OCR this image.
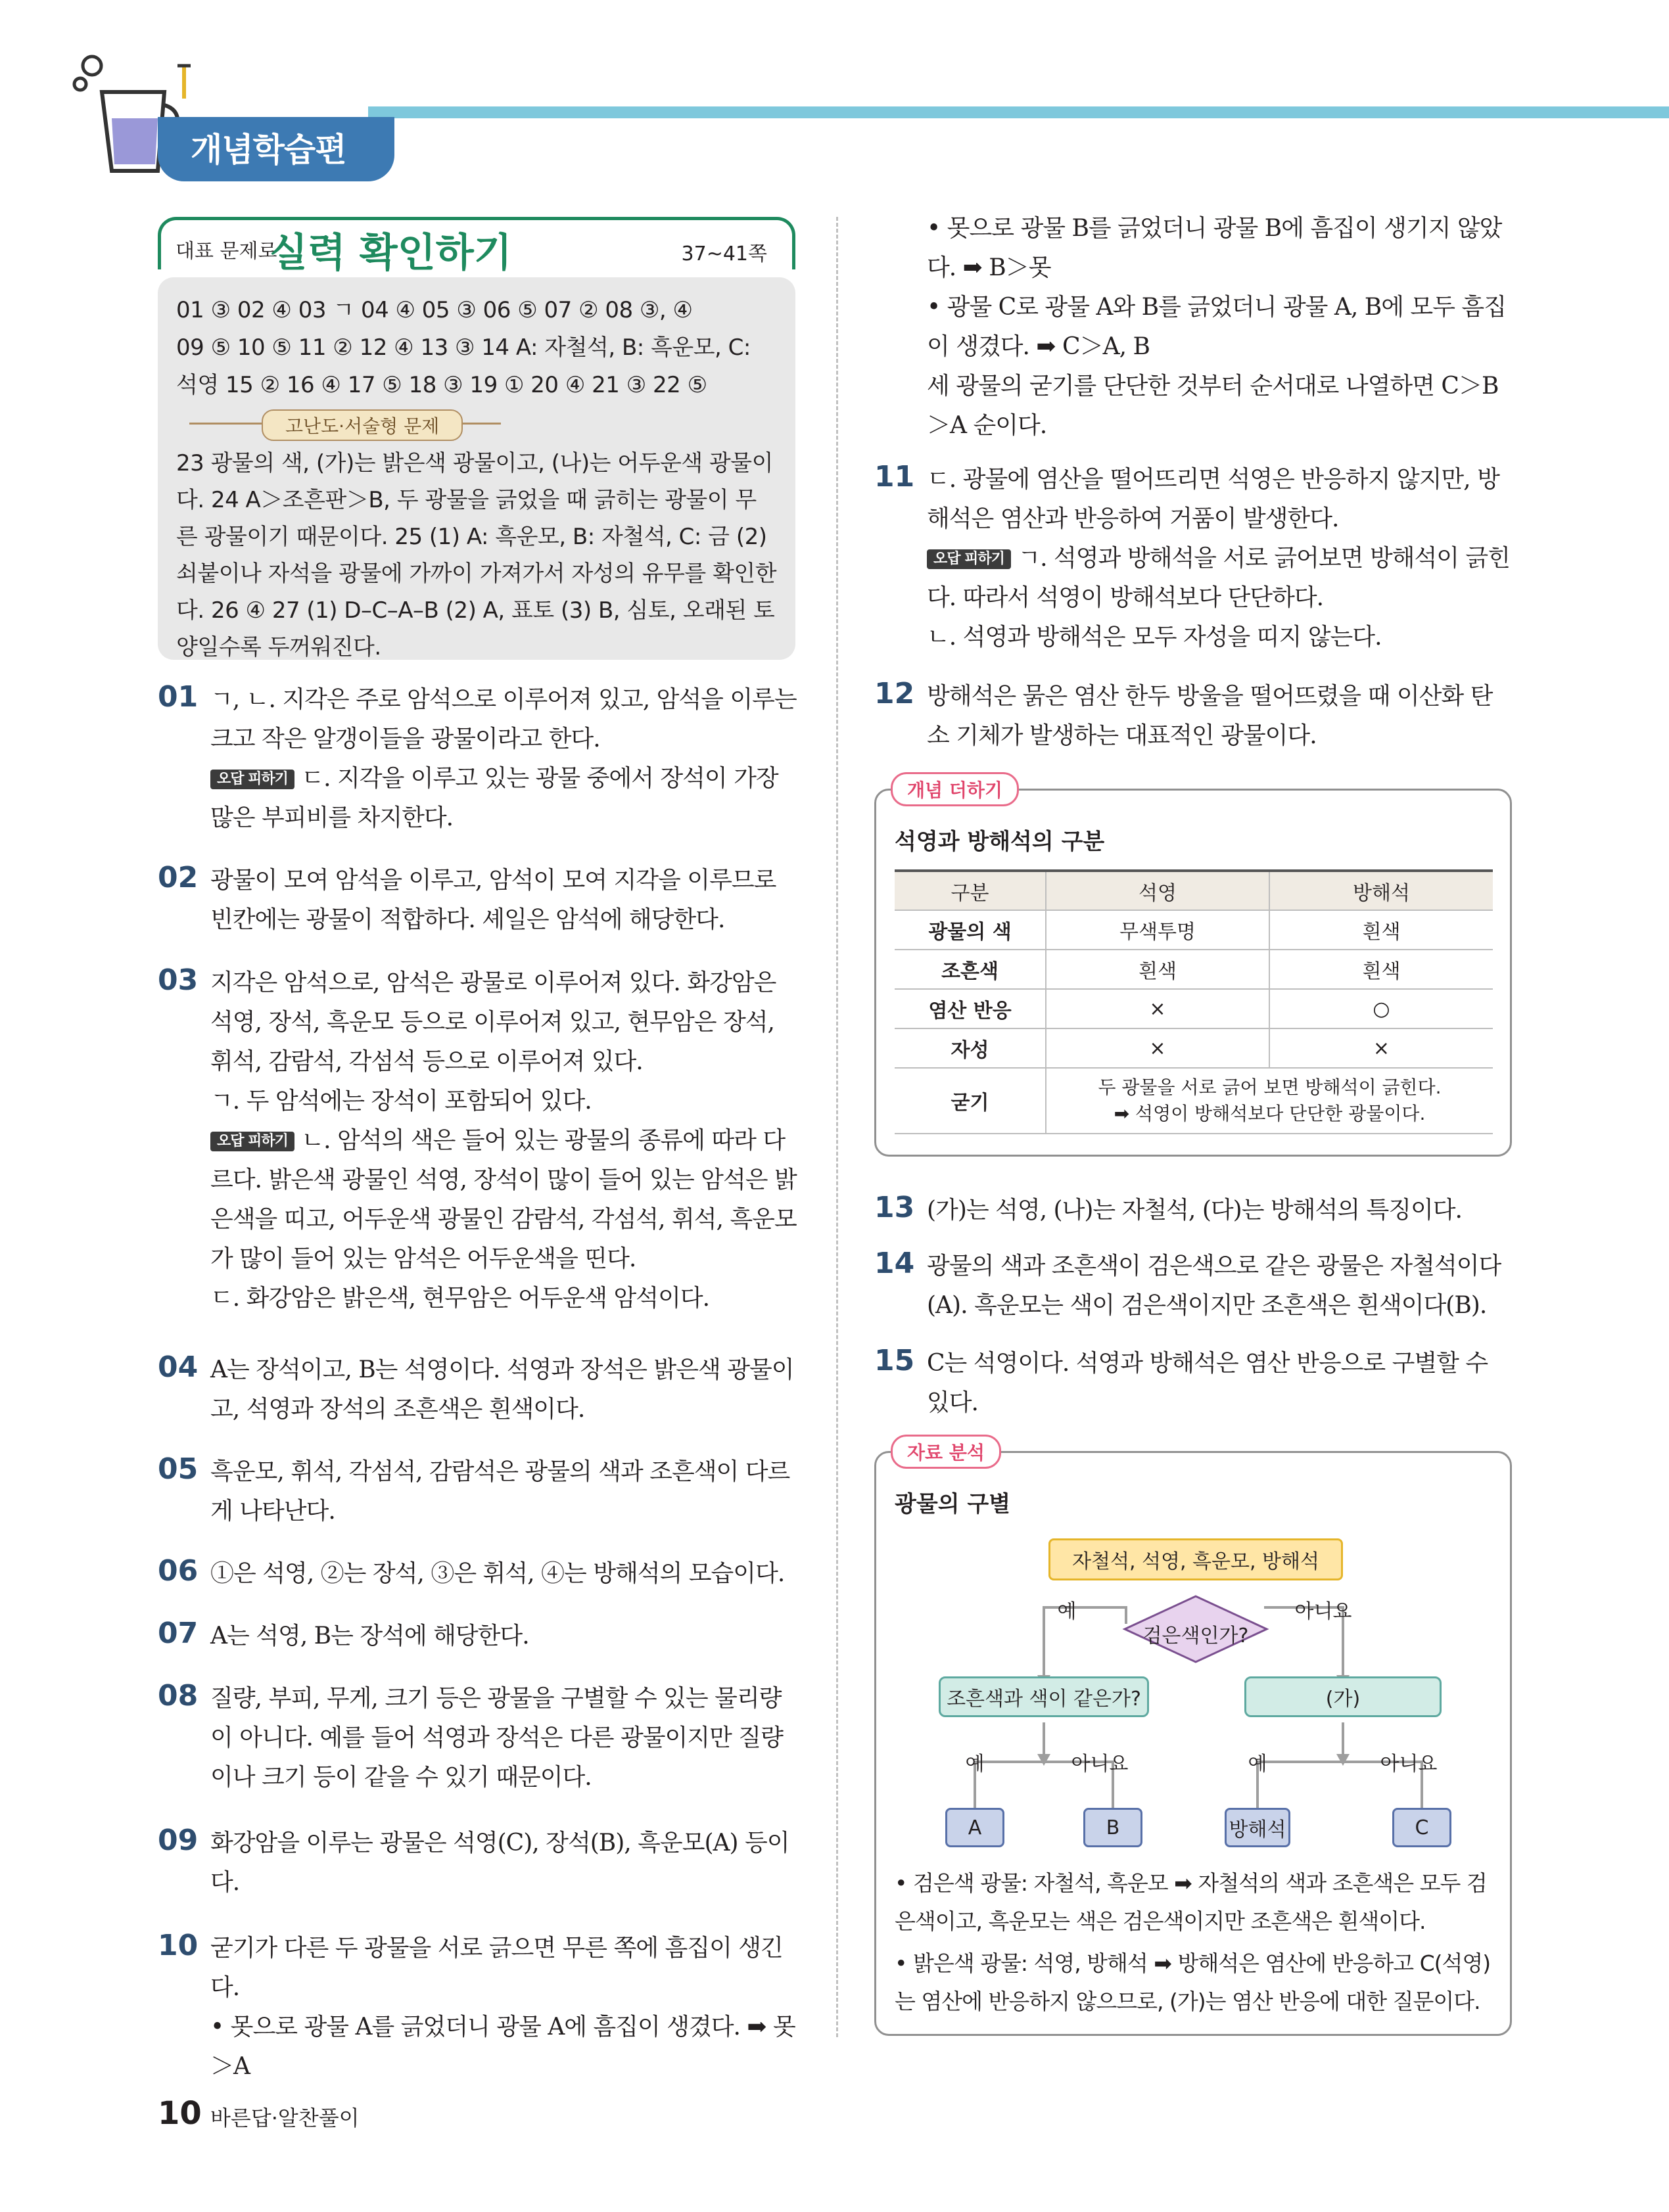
개념학습편
대표 문제로
실력 확인하기	37~41쪽
01 ③ 02 ④ 03 ㄱ 04 ④ 05 ③ 06 ⑤ 07 ② 08 ③, ④
09 ⑤ 10 ⑤ 11 ② 12 ④ 13 ③ 14 A: 자철석, B: 흑운모, C:
석영 15 ② 16 ④ 17 ⑤ 18 ③ 19 ① 20 ④ 21 ③ 22 ⑤
고난도·서술형 문제
23 광물의 색, (가)는 밝은색 광물이고, (나)는 어두운색 광물이다. 24 A＞조흔판＞B, 두 광물을 긁었을 때 긁히는 광물이 무른 광물이기 때문이다. 25 (1) A: 흑운모, B: 자철석, C: 금 (2) 쇠붙이나 자석을 광물에 가까이 가져가서 자성의 유무를 확인한다. 26 ④ 27 (1) D–C–A–B (2) A, 표토 (3) B, 심토, 오래된 토양일수록 두꺼워진다.
01 ㄱ, ㄴ. 지각은 주로 암석으로 이루어져 있고, 암석을 이루는 크고 작은 알갱이들을 광물이라고 한다.
오답 피하기 ㄷ. 지각을 이루고 있는 광물 중에서 장석이 가장 많은 부피비를 차지한다.
02 광물이 모여 암석을 이루고, 암석이 모여 지각을 이루므로 빈칸에는 광물이 적합하다. 셰일은 암석에 해당한다.
03 지각은 암석으로, 암석은 광물로 이루어져 있다. 화강암은 석영, 장석, 흑운모 등으로 이루어져 있고, 현무암은 장석, 휘석, 감람석, 각섬석 등으로 이루어져 있다.
ㄱ. 두 암석에는 장석이 포함되어 있다.
오답 피하기 ㄴ. 암석의 색은 들어 있는 광물의 종류에 따라 다르다. 밝은색 광물인 석영, 장석이 많이 들어 있는 암석은 밝은색을 띠고, 어두운색 광물인 감람석, 각섬석, 휘석, 흑운모가 많이 들어 있는 암석은 어두운색을 띤다.
ㄷ. 화강암은 밝은색, 현무암은 어두운색 암석이다.
04 A는 장석이고, B는 석영이다. 석영과 장석은 밝은색 광물이고, 석영과 장석의 조흔색은 흰색이다.
05 흑운모, 휘석, 각섬석, 감람석은 광물의 색과 조흔색이 다르게 나타난다.
06 ①은 석영, ②는 장석, ③은 휘석, ④는 방해석의 모습이다.
07 A는 석영, B는 장석에 해당한다.
08 질량, 부피, 무게, 크기 등은 광물을 구별할 수 있는 물리량이 아니다. 예를 들어 석영과 장석은 다른 광물이지만 질량이나 크기 등이 같을 수 있기 때문이다.
09 화강암을 이루는 광물은 석영(C), 장석(B), 흑운모(A) 등이다.
10 굳기가 다른 두 광물을 서로 긁으면 무른 쪽에 흠집이 생긴다.
• 못으로 광물 A를 긁었더니 광물 A에 흠집이 생겼다. ➡ 못＞A
• 못으로 광물 B를 긁었더니 광물 B에 흠집이 생기지 않았다. ➡ B＞못
• 광물 C로 광물 A와 B를 긁었더니 광물 A, B에 모두 흠집이 생겼다. ➡ C＞A, B
세 광물의 굳기를 단단한 것부터 순서대로 나열하면 C＞B＞A 순이다.
11 ㄷ. 광물에 염산을 떨어뜨리면 석영은 반응하지 않지만, 방해석은 염산과 반응하여 거품이 발생한다.
오답 피하기 ㄱ. 석영과 방해석을 서로 긁어보면 방해석이 긁힌다. 따라서 석영이 방해석보다 단단하다.
ㄴ. 석영과 방해석은 모두 자성을 띠지 않는다.
12 방해석은 묽은 염산 한두 방울을 떨어뜨렸을 때 이산화 탄소 기체가 발생하는 대표적인 광물이다.
13 (가)는 석영, (나)는 자철석, (다)는 방해석의 특징이다.
14 광물의 색과 조흔색이 검은색으로 같은 광물은 자철석이다(A). 흑운모는 색이 검은색이지만 조흔색은 흰색이다(B).
15 C는 석영이다. 석영과 방해석은 염산 반응으로 구별할 수 있다.
석영과 방해석의 구분
구분	석영	방해석
광물의 색	무색투명	흰색
조흔색	흰색	흰색
염산 반응	×	○
자성	×	×
굳기	두 광물을 서로 긁어 보면 방해석이 긁힌다.
➡ 석영이 방해석보다 단단한 광물이다.	
개념 더하기
광물의 구별
자철석, 석영, 흑운모, 방해석
검은색인가?
예	아니요
조흔색과 색이 같은가?	(가)
예	아니요	예	아니요
A	B	방해석	C
• 검은색 광물: 자철석, 흑운모 ➡ 자철석의 색과 조흔색은 모두 검은색이고, 흑운모는 색은 검은색이지만 조흔색은 흰색이다.
• 밝은색 광물: 석영, 방해석 ➡ 방해석은 염산에 반응하고 C(석영)는 염산에 반응하지 않으므로, (가)는 염산 반응에 대한 질문이다.
자료 분석
10 바른답·알찬풀이
